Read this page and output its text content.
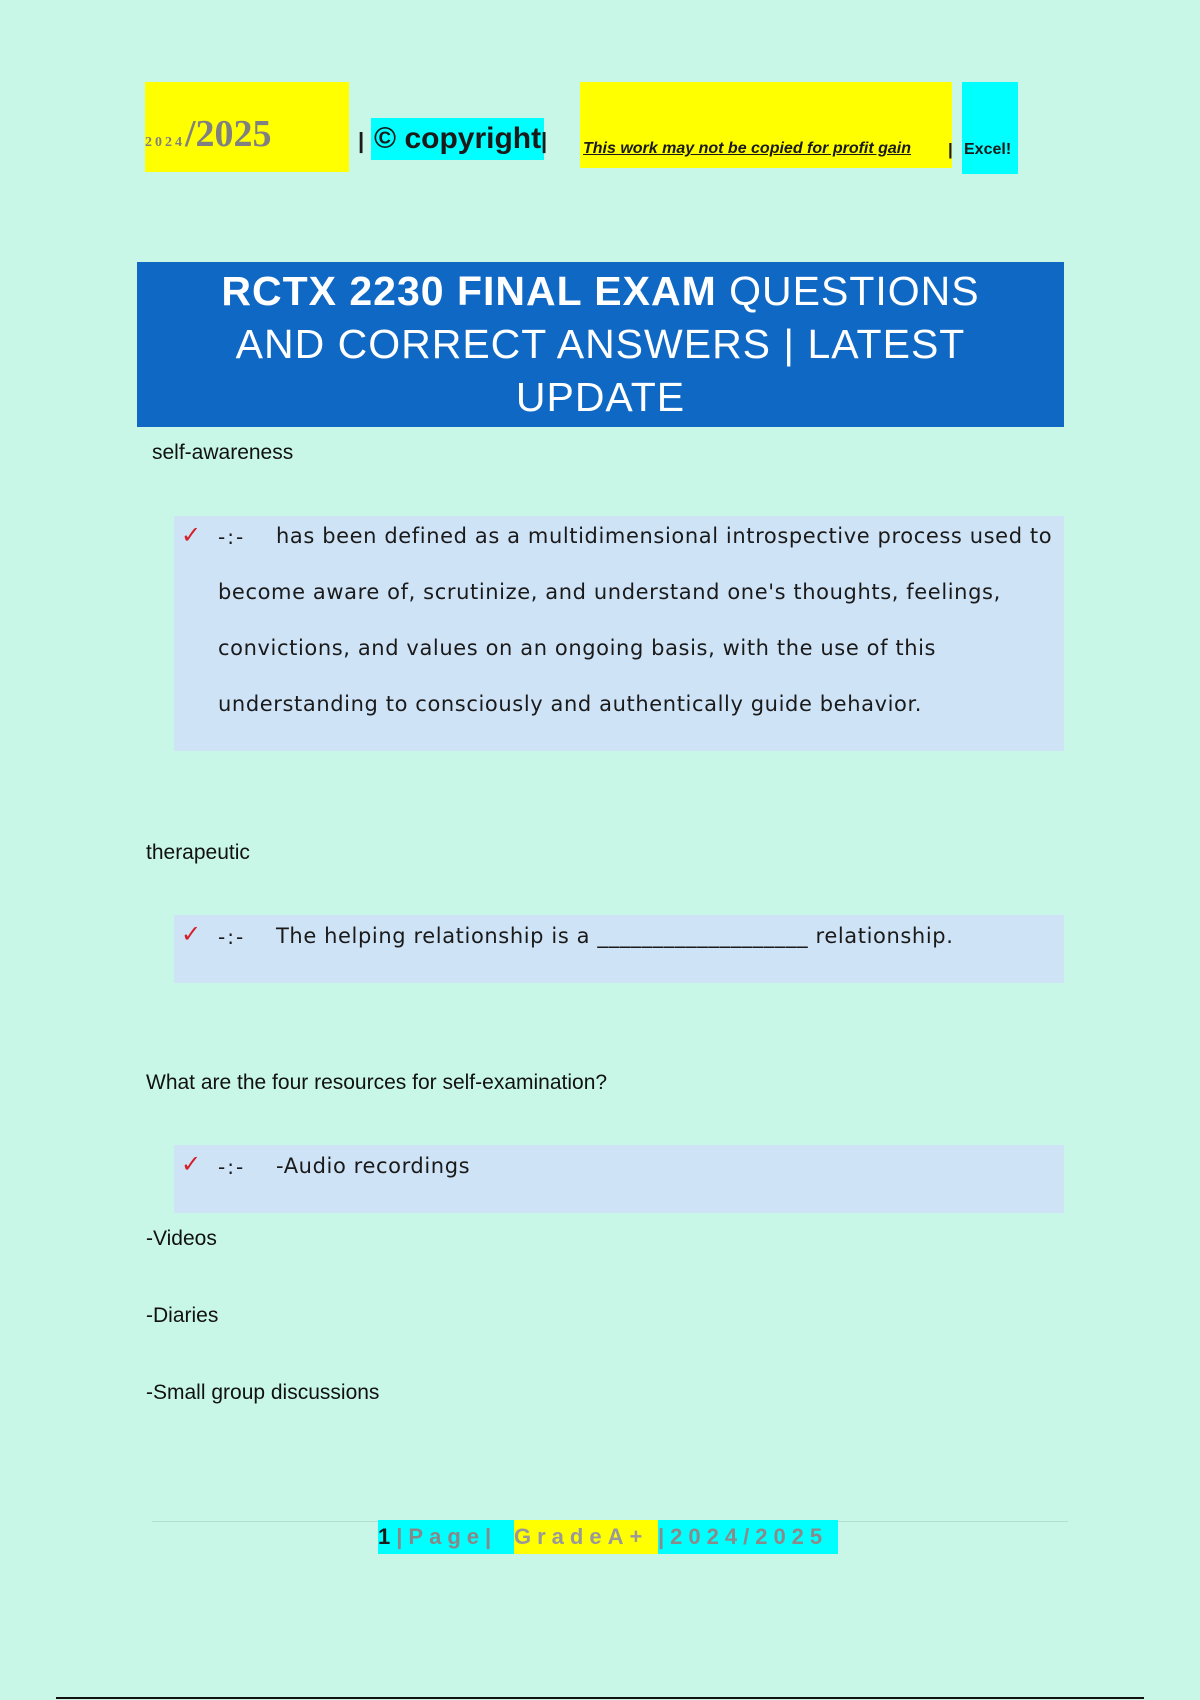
2024/2025	| © copyright | This work may not be copied for profit gain | Excel!
RCTX 2230 FINAL EXAM QUESTIONS
AND CORRECT ANSWERS | LATEST
UPDATE
self-awareness
✓ -:- has been defined as a multidimensional introspective process used to
become aware of, scrutinize, and understand one's thoughts, feelings,
convictions, and values on an ongoing basis, with the use of this
understanding to consciously and authentically guide behavior.
therapeutic
✓ -:- The helping relationship is a ___________________ relationship.
What are the four resources for self-examination?
✓ -:- -Audio recordings
-Videos
-Diaries
-Small group discussions
1|Page| GradeA+ |2024/2025
